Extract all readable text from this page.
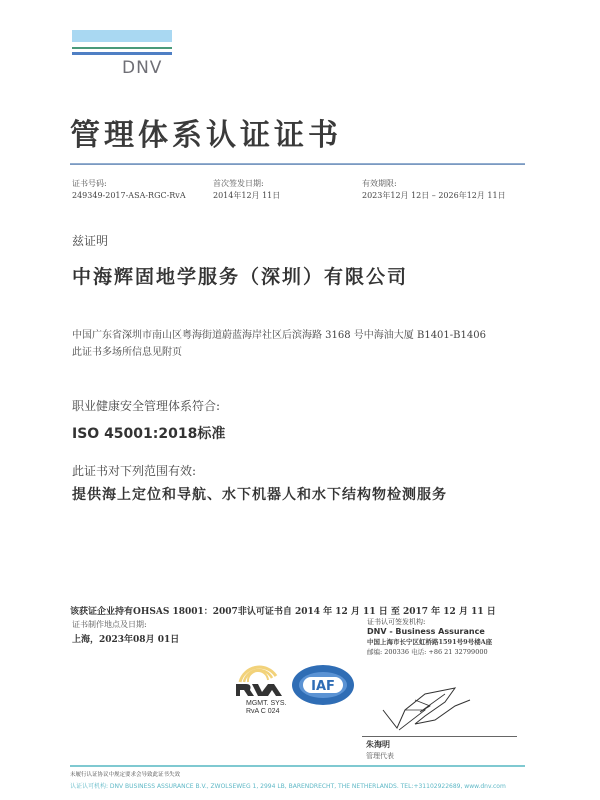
DNV
管理体系认证证书
证书号码:
249349-2017-ASA-RGC-RvA
首次签发日期:
2014年12月 11日
有效期限:
2023年12月 12日 – 2026年12月 11日
兹证明
中海辉固地学服务（深圳）有限公司
中国广东省深圳市南山区粤海街道蔚蓝海岸社区后滨海路 3168 号中海油大厦 B1401-B1406
此证书多场所信息见附页
职业健康安全管理体系符合:
ISO 45001:2018标准
此证书对下列范围有效:
提供海上定位和导航、水下机器人和水下结构物检测服务
该获证企业持有OHSAS 18001：2007非认可证书自 2014 年 12 月 11 日 至 2017 年 12 月 11 日
证书制作地点及日期:
上海，2023年08月 01日
证书认可签发机构:
DNV - Business Assurance
中国上海市长宁区虹桥路1591号9号楼A座
邮编: 200336 电话: +86 21 32799000
MGMT. SYS.
RvA C 024
IAF
朱海明
管理代表
未履行认证协议中规定要求会导致此证书失效
认证认可机构: DNV BUSINESS ASSURANCE B.V., ZWOLSEWEG 1, 2994 LB, BARENDRECHT, THE NETHERLANDS. TEL:+31102922689, www.dnv.com
